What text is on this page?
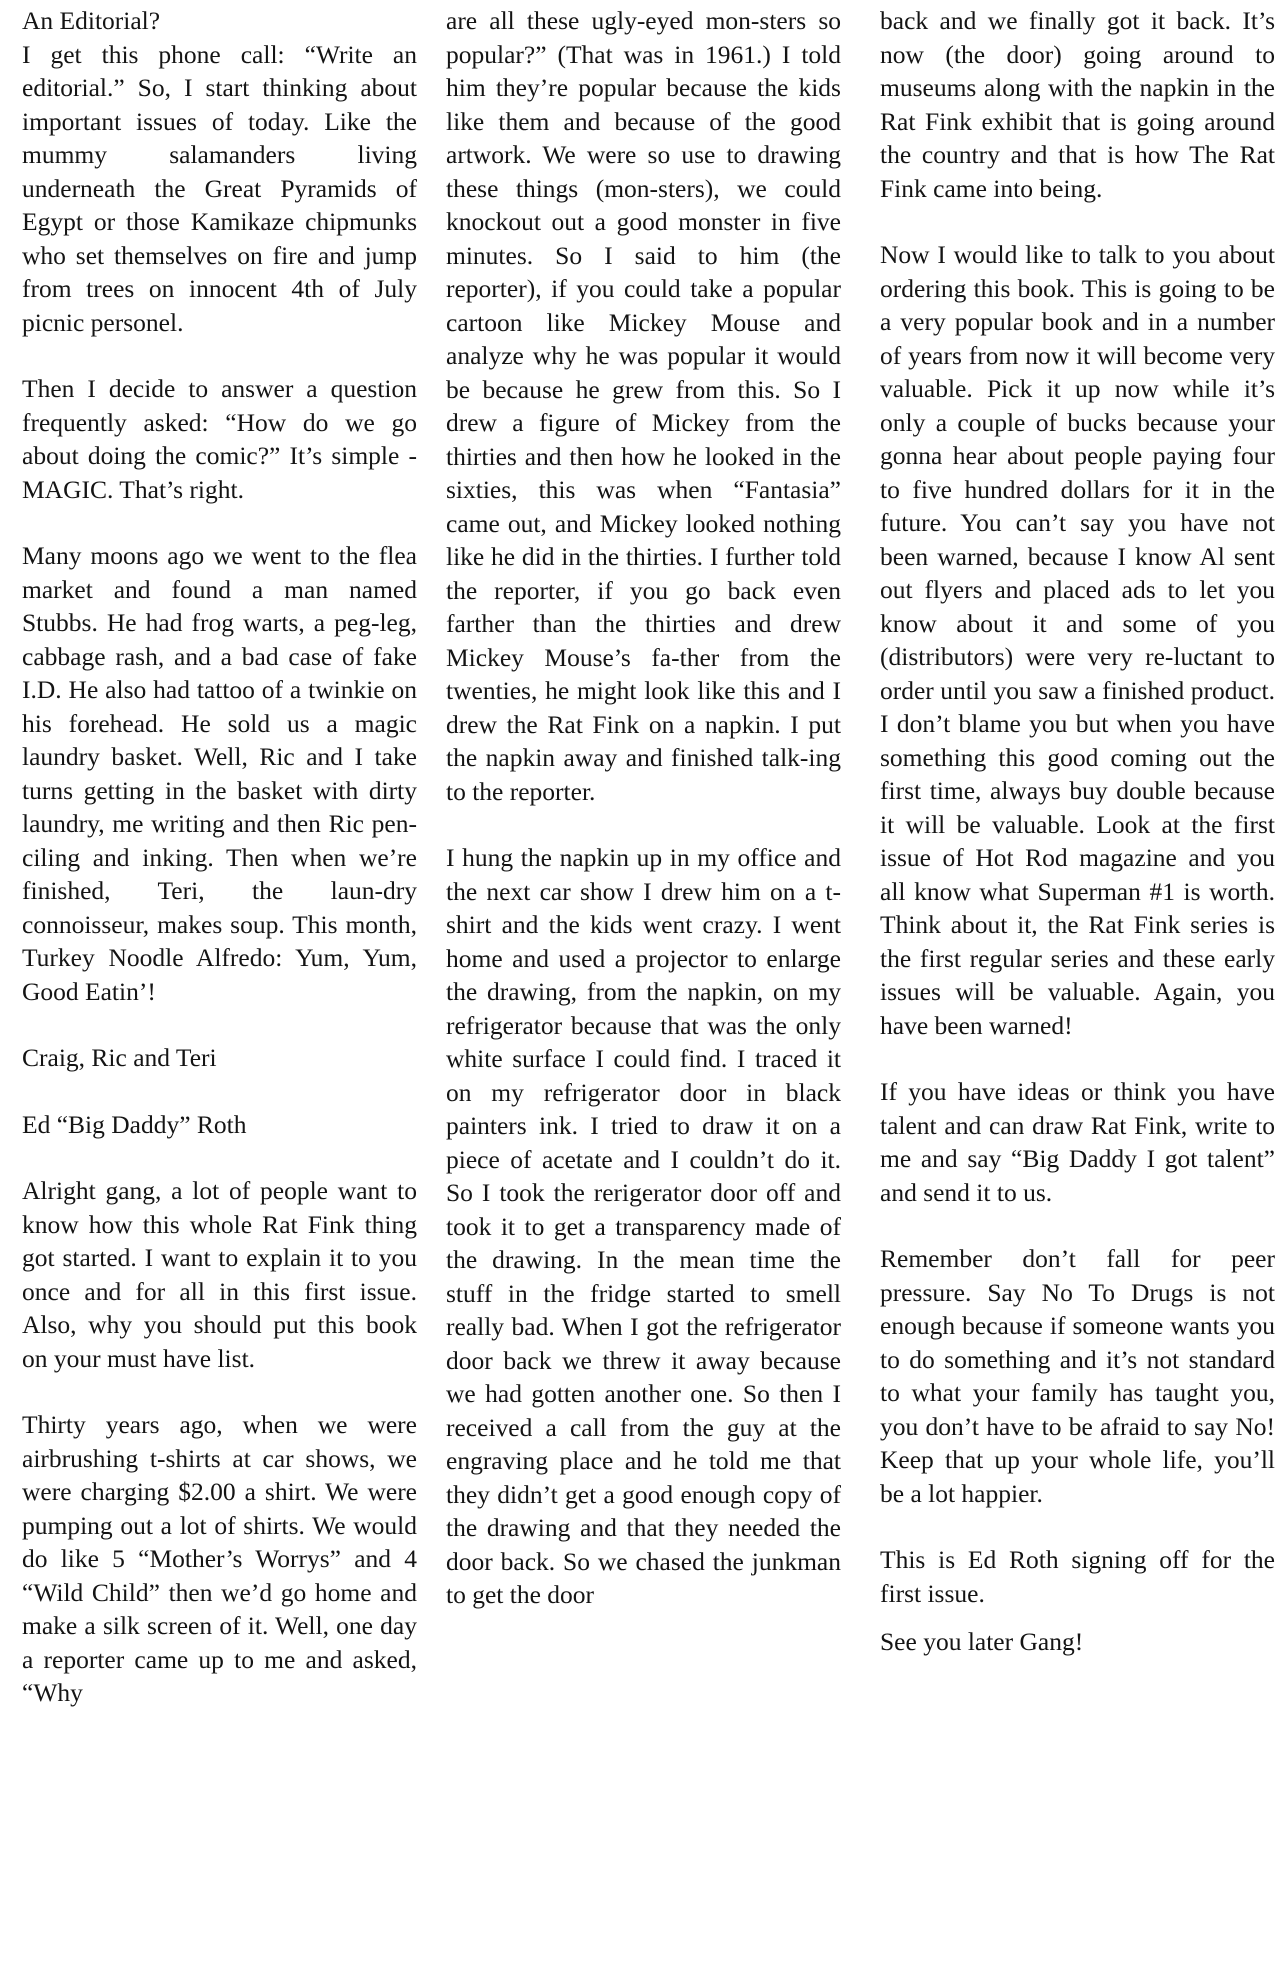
An Editorial?

I get this phone call: “Write an editorial.” So, I start thinking about important issues of today. Like the mummy salamanders living underneath the Great Pyramids of Egypt or those Kamikaze chipmunks who set themselves on fire and jump from trees on innocent 4th of July picnic personel.

Then I decide to answer a question frequently asked: “How do we go about doing the comic?” It’s simple - MAGIC. That’s right.

Many moons ago we went to the flea market and found a man named Stubbs. He had frog warts, a peg-leg, cabbage rash, and a bad case of fake I.D. He also had tattoo of a twinkie on his forehead. He sold us a magic laundry basket. Well, Ric and I take turns getting in the basket with dirty laundry, me writing and then Ric pen-ciling and inking. Then when we’re finished, Teri, the laun-dry connoisseur, makes soup. This month, Turkey Noodle Alfredo: Yum, Yum, Good Eatin’!

Craig, Ric and Teri

Ed “Big Daddy” Roth

Alright gang, a lot of people want to know how this whole Rat Fink thing got started. I want to explain it to you once and for all in this first issue. Also, why you should put this book on your must have list.

Thirty years ago, when we were airbrushing t-shirts at car shows, we were charging $2.00 a shirt. We were pumping out a lot of shirts. We would do like 5 “Mother’s Worrys” and 4 “Wild Child” then we’d go home and make a silk screen of it. Well, one day a reporter came up to me and asked, “Why

are all these ugly-eyed mon-sters so popular?” (That was in 1961.) I told him they’re popular because the kids like them and because of the good artwork. We were so use to drawing these things (mon-sters), we could knockout out a good monster in five minutes. So I said to him (the reporter), if you could take a popular cartoon like Mickey Mouse and analyze why he was popular it would be because he grew from this. So I drew a figure of Mickey from the thirties and then how he looked in the sixties, this was when “Fantasia” came out, and Mickey looked nothing like he did in the thirties. I further told the reporter, if you go back even farther than the thirties and drew Mickey Mouse’s fa-ther from the twenties, he might look like this and I drew the Rat Fink on a napkin. I put the napkin away and finished talk-ing to the reporter.

I hung the napkin up in my office and the next car show I drew him on a t-shirt and the kids went crazy. I went home and used a projector to enlarge the drawing, from the napkin, on my refrigerator because that was the only white surface I could find. I traced it on my refrigerator door in black painters ink. I tried to draw it on a piece of acetate and I couldn’t do it. So I took the rerigerator door off and took it to get a transparency made of the drawing. In the mean time the stuff in the fridge started to smell really bad. When I got the refrigerator door back we threw it away because we had gotten another one. So then I received a call from the guy at the engraving place and he told me that they didn’t get a good enough copy of the drawing and that they needed the door back. So we chased the junkman to get the door

back and we finally got it back. It’s now (the door) going around to museums along with the napkin in the Rat Fink exhibit that is going around the country and that is how The Rat Fink came into being.

Now I would like to talk to you about ordering this book. This is going to be a very popular book and in a number of years from now it will become very valuable. Pick it up now while it’s only a couple of bucks because your gonna hear about people paying four to five hundred dollars for it in the future. You can’t say you have not been warned, because I know Al sent out flyers and placed ads to let you know about it and some of you (distributors) were very re-luctant to order until you saw a finished product. I don’t blame you but when you have something this good coming out the first time, always buy double because it will be valuable. Look at the first issue of Hot Rod magazine and you all know what Superman #1 is worth. Think about it, the Rat Fink series is the first regular series and these early issues will be valuable. Again, you have been warned!

If you have ideas or think you have talent and can draw Rat Fink, write to me and say “Big Daddy I got talent” and send it to us.

Remember don’t fall for peer pressure. Say No To Drugs is not enough because if someone wants you to do something and it’s not standard to what your family has taught you, you don’t have to be afraid to say No! Keep that up your whole life, you’ll be a lot happier.

This is Ed Roth signing off for the first issue.

See you later Gang!
